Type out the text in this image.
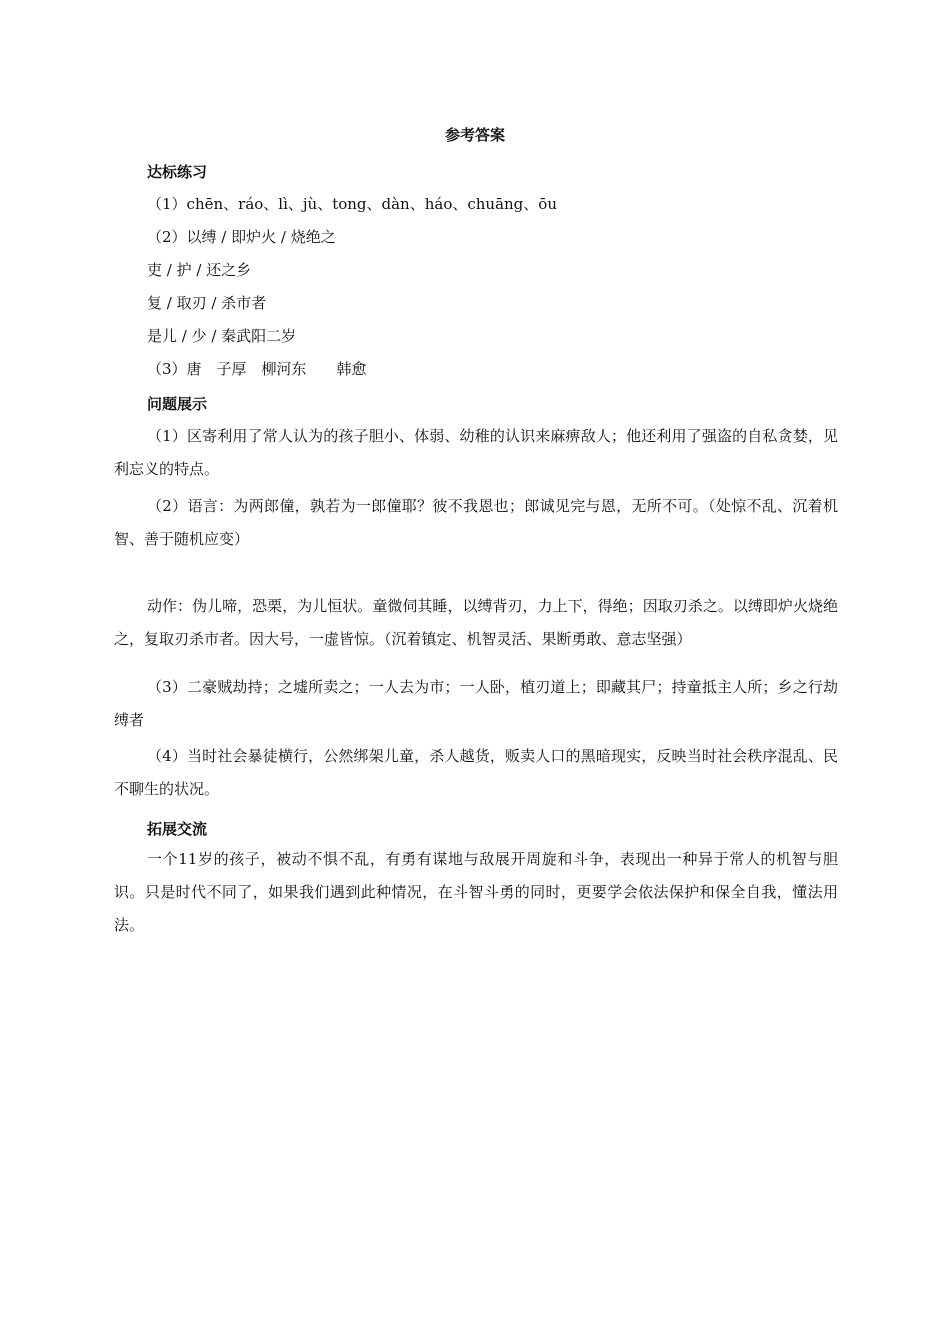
参考答案
达标练习
（1）chēn、ráo、lì、jù、tong、dàn、háo、chuāng、ōu
（2）以缚 / 即炉火 / 烧绝之
吏 / 护 / 还之乡
复 / 取刃 / 杀市者
是儿 / 少 / 秦武阳二岁
（3）唐　子厚　柳河东　　韩愈
问题展示
（1）区寄利用了常人认为的孩子胆小、体弱、幼稚的认识来麻痹敌人；他还利用了强盗的自私贪婪，见利忘义的特点。
（2）语言：为两郎僮，孰若为一郎僮耶？彼不我恩也；郎诚见完与恩，无所不可。（处惊不乱、沉着机智、善于随机应变）
动作：伪儿啼，恐栗，为儿恒状。童微伺其睡，以缚背刃，力上下，得绝；因取刃杀之。以缚即炉火烧绝之，复取刃杀市者。因大号，一虚皆惊。（沉着镇定、机智灵活、果断勇敢、意志坚强）
（3）二豪贼劫持；之墟所卖之；一人去为市；一人卧，植刃道上；即藏其尸；持童抵主人所；乡之行劫缚者
（4）当时社会暴徒横行，公然绑架儿童，杀人越货，贩卖人口的黑暗现实，反映当时社会秩序混乱、民不聊生的状况。
拓展交流
一个11岁的孩子，被动不惧不乱，有勇有谋地与敌展开周旋和斗争，表现出一种异于常人的机智与胆识。只是时代不同了，如果我们遇到此种情况，在斗智斗勇的同时，更要学会依法保护和保全自我，懂法用法。
